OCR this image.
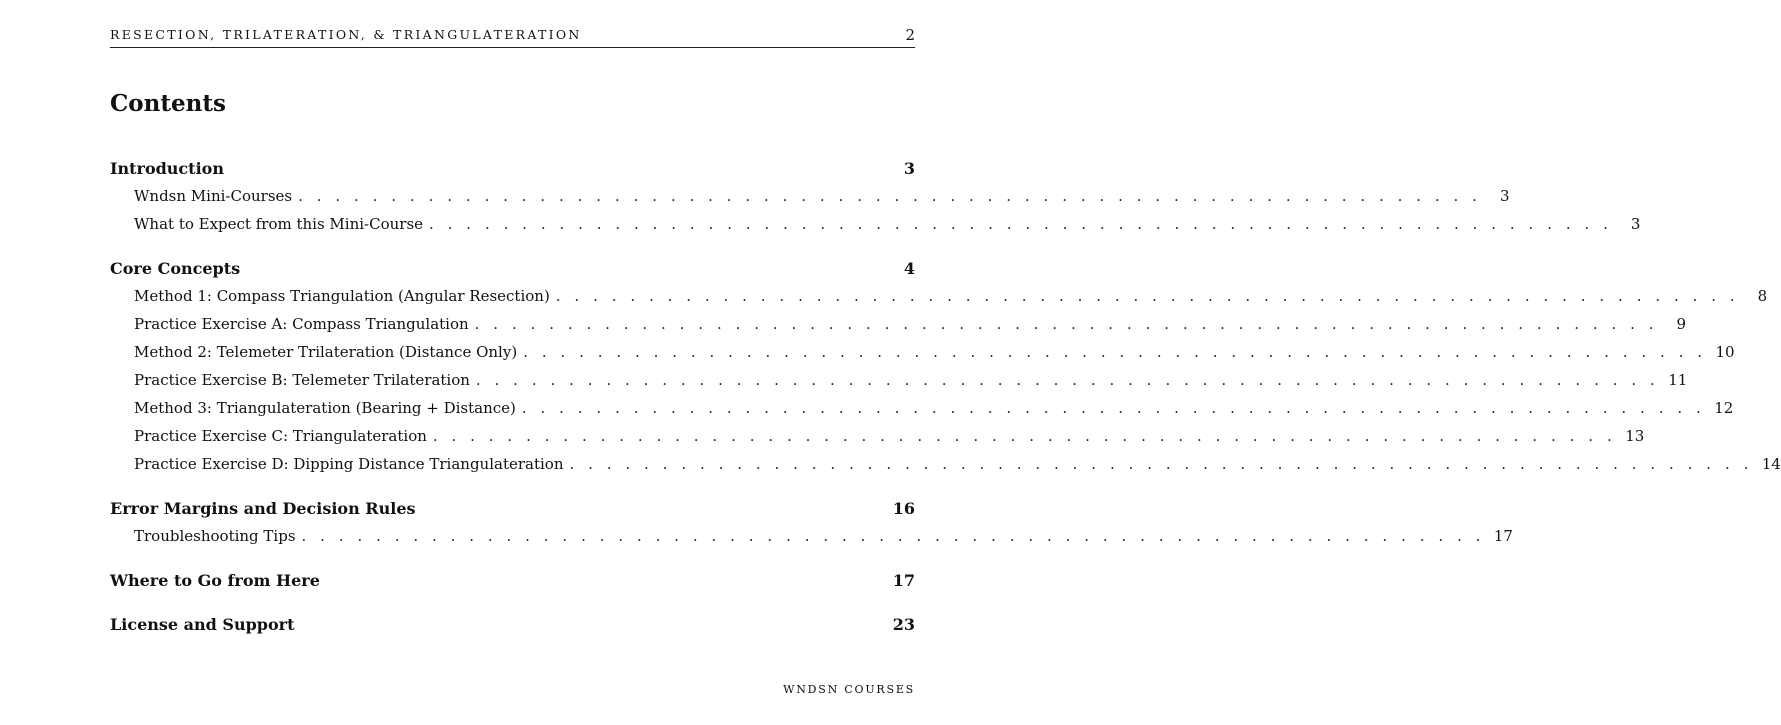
RESECTION, TRILATERATION, & TRIANGULATERATION	2
Contents
Introduction	3
Wndsn Mini-Courses . . . . . . . . . . . . . . . . . . . . . . . . . . . . . . . . . . . . . . . . . . . . . . . . . . . . . . . . . . . . . . . .	3
What to Expect from this Mini-Course . . . . . . . . . . . . . . . . . . . . . . . . . . . . . . . . . . . . . . . . . . . . . . . . . . . . . . . . . . . . . . . .	3
Core Concepts	4
Method 1: Compass Triangulation (Angular Resection) . . . . . . . . . . . . . . . . . . . . . . . . . . . . . . . . . . . . . . . . . . . . . . . . . . . . . . . . . . . . . . . .	8
Practice Exercise A: Compass Triangulation . . . . . . . . . . . . . . . . . . . . . . . . . . . . . . . . . . . . . . . . . . . . . . . . . . . . . . . . . . . . . . . .	9
Method 2: Telemeter Trilateration (Distance Only) . . . . . . . . . . . . . . . . . . . . . . . . . . . . . . . . . . . . . . . . . . . . . . . . . . . . . . . . . . . . . . . . 10
Practice Exercise B: Telemeter Trilateration . . . . . . . . . . . . . . . . . . . . . . . . . . . . . . . . . . . . . . . . . . . . . . . . . . . . . . . . . . . . . . . . 11
Method 3: Triangulateration (Bearing + Distance) . . . . . . . . . . . . . . . . . . . . . . . . . . . . . . . . . . . . . . . . . . . . . . . . . . . . . . . . . . . . . . . . 12
Practice Exercise C: Triangulateration . . . . . . . . . . . . . . . . . . . . . . . . . . . . . . . . . . . . . . . . . . . . . . . . . . . . . . . . . . . . . . . . 13
Practice Exercise D: Dipping Distance Triangulateration . . . . . . . . . . . . . . . . . . . . . . . . . . . . . . . . . . . . . . . . . . . . . . . . . . . . . . . . . . . . . . . . 14
Error Margins and Decision Rules	16
Troubleshooting Tips . . . . . . . . . . . . . . . . . . . . . . . . . . . . . . . . . . . . . . . . . . . . . . . . . . . . . . . . . . . . . . . . 17
Where to Go from Here	17
License and Support	23
WNDSN COURSES
